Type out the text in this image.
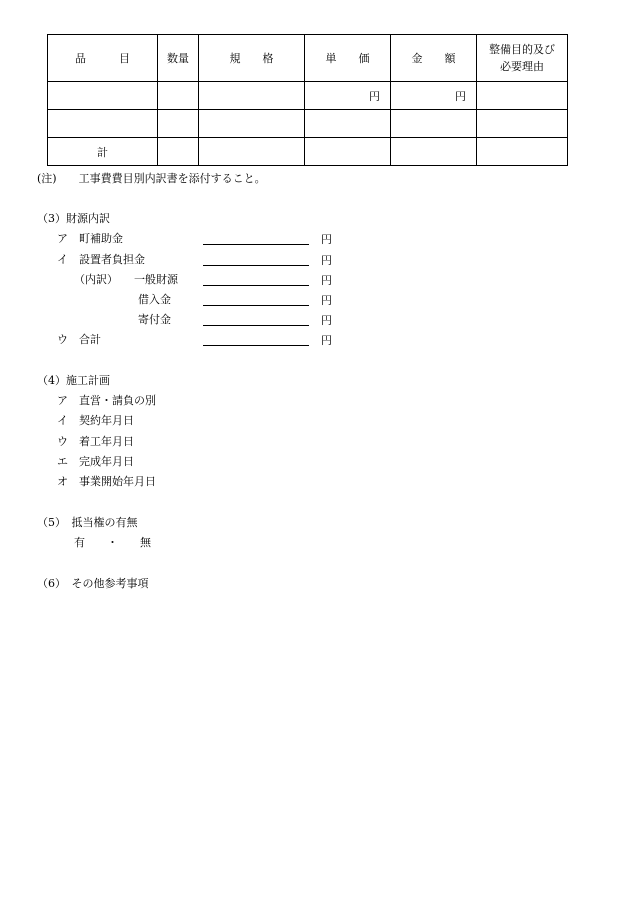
品　　　目	数量	規　　格	単　　価	金　　額	整備目的及び
必要理由

			円	円	

計					
(注)　　工事費費目別内訳書を添付すること。
（3）財源内訳
ア　町補助金	円
イ　設置者負担金	円
（内訳） 一般財源	円
借入金	円
寄付金	円
ウ　合計	円
（4）施工計画
ア　直営・請負の別
イ　契約年月日
ウ　着工年月日
エ　完成年月日
オ　事業開始年月日
（5）　抵当権の有無
有　　・　　無
（6）　その他参考事項
